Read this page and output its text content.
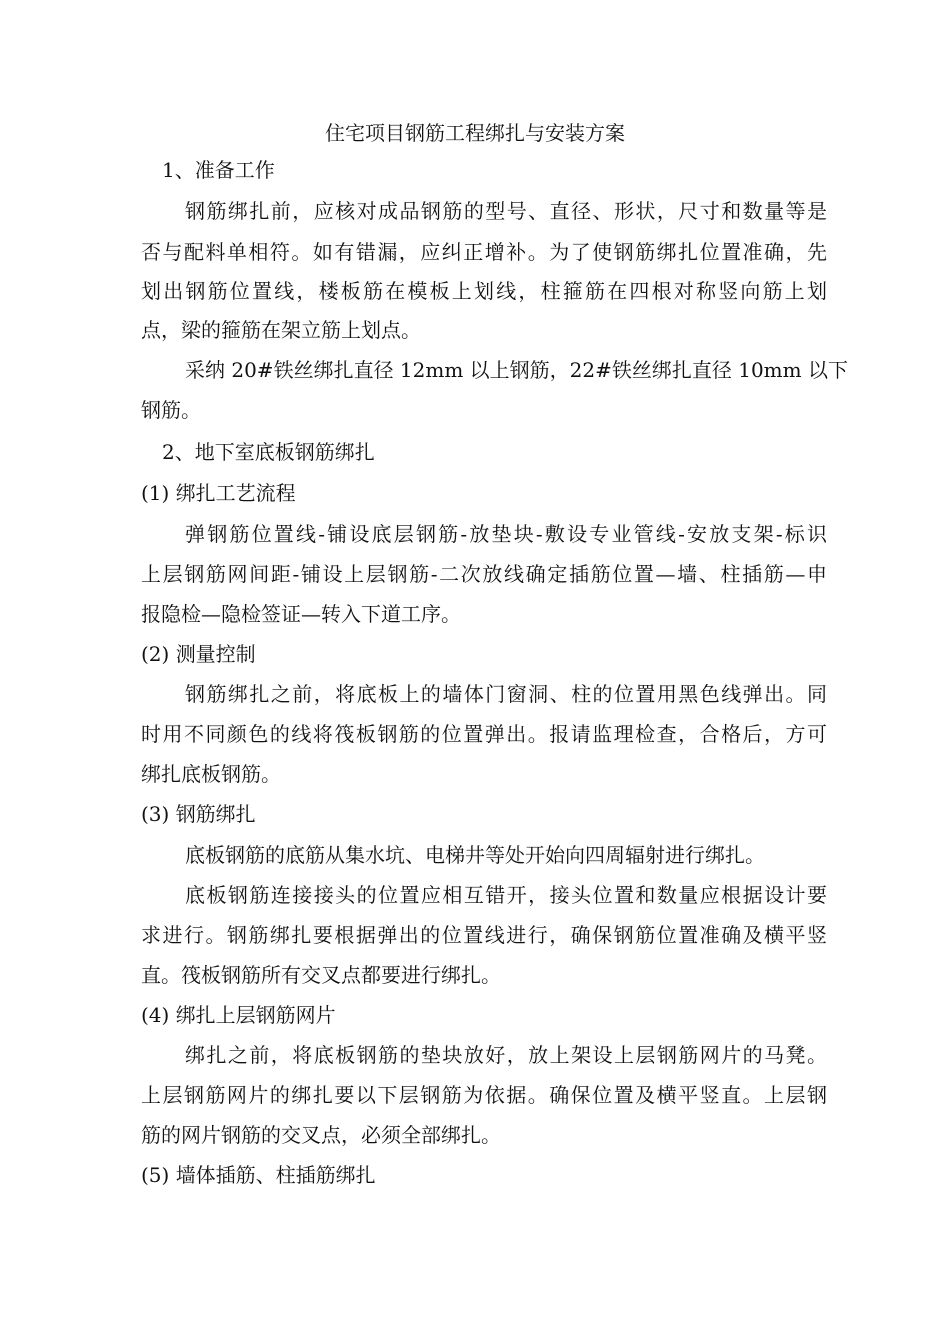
住宅项目钢筋工程绑扎与安装方案
1、准备工作
钢筋绑扎前，应核对成品钢筋的型号、直径、形状，尺寸和数量等是
否与配料单相符。如有错漏，应纠正增补。为了使钢筋绑扎位置准确，先
划出钢筋位置线，楼板筋在模板上划线，柱箍筋在四根对称竖向筋上划
点，梁的箍筋在架立筋上划点。
采纳 20#铁丝绑扎直径 12mm 以上钢筋，22#铁丝绑扎直径 10mm 以下
钢筋。
2、地下室底板钢筋绑扎
(1) 绑扎工艺流程
弹钢筋位置线-铺设底层钢筋-放垫块-敷设专业管线-安放支架-标识
上层钢筋网间距-铺设上层钢筋-二次放线确定插筋位置—墙、柱插筋—申
报隐检—隐检签证—转入下道工序。
(2) 测量控制
钢筋绑扎之前，将底板上的墙体门窗洞、柱的位置用黑色线弹出。同
时用不同颜色的线将筏板钢筋的位置弹出。报请监理检查，合格后，方可
绑扎底板钢筋。
(3) 钢筋绑扎
底板钢筋的底筋从集水坑、电梯井等处开始向四周辐射进行绑扎。
底板钢筋连接接头的位置应相互错开，接头位置和数量应根据设计要
求进行。钢筋绑扎要根据弹出的位置线进行，确保钢筋位置准确及横平竖
直。筏板钢筋所有交叉点都要进行绑扎。
(4) 绑扎上层钢筋网片
绑扎之前，将底板钢筋的垫块放好，放上架设上层钢筋网片的马凳。
上层钢筋网片的绑扎要以下层钢筋为依据。确保位置及横平竖直。上层钢
筋的网片钢筋的交叉点，必须全部绑扎。
(5) 墙体插筋、柱插筋绑扎
